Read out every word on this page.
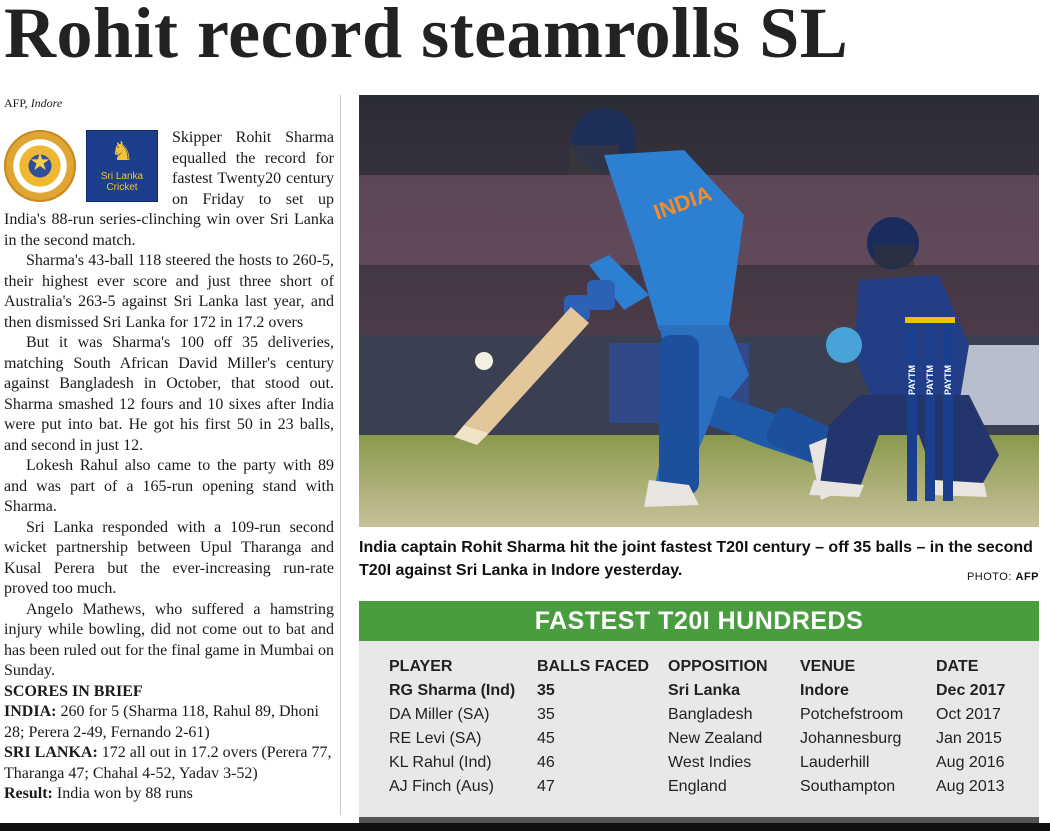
Rohit record steamrolls SL
AFP, Indore
★	♞
Sri Lanka
Cricket

Skipper Rohit Sharma equalled the record for fastest Twenty20 century on Friday to set up India's 88-run series-clinching win over Sri Lanka in the second match.

Sharma's 43-ball 118 steered the hosts to 260-5, their highest ever score and just three short of Australia's 263-5 against Sri Lanka last year, and then dismissed Sri Lanka for 172 in 17.2 overs

But it was Sharma's 100 off 35 deliveries, matching South African David Miller's century against Bangladesh in October, that stood out. Sharma smashed 12 fours and 10 sixes after India were put into bat. He got his first 50 in 23 balls, and second in just 12.

Lokesh Rahul also came to the party with 89 and was part of a 165-run opening stand with Sharma.

Sri Lanka responded with a 109-run second wicket partnership between Upul Tharanga and Kusal Perera but the ever-increasing run-rate proved too much.

Angelo Mathews, who suffered a hamstring injury while bowling, did not come out to bat and has been ruled out for the final game in Mumbai on Sunday.

SCORES IN BRIEF

INDIA: 260 for 5 (Sharma 118, Rahul 89, Dhoni 28; Perera 2-49, Fernando 2-61)

SRI LANKA: 172 all out in 17.2 overs (Perera 77, Tharanga 47; Chahal 4-52, Yadav 3-52)

Result: India won by 88 runs

INDIA
PAYTM PAYTM PAYTM
India captain Rohit Sharma hit the joint fastest T20I century – off 35 balls – in the second T20I against Sri Lanka in Indore yesterday.	PHOTO: AFP
FASTEST T20I HUNDREDS
PLAYER	BALLS FACED	OPPOSITION	VENUE	DATE
RG Sharma (Ind)	35	Sri Lanka	Indore	Dec 2017
DA Miller (SA)	35	Bangladesh	Potchefstroom	Oct 2017
RE Levi (SA)	45	New Zealand	Johannesburg	Jan 2015
KL Rahul (Ind)	46	West Indies	Lauderhill	Aug 2016
AJ Finch (Aus)	47	England	Southampton	Aug 2013
